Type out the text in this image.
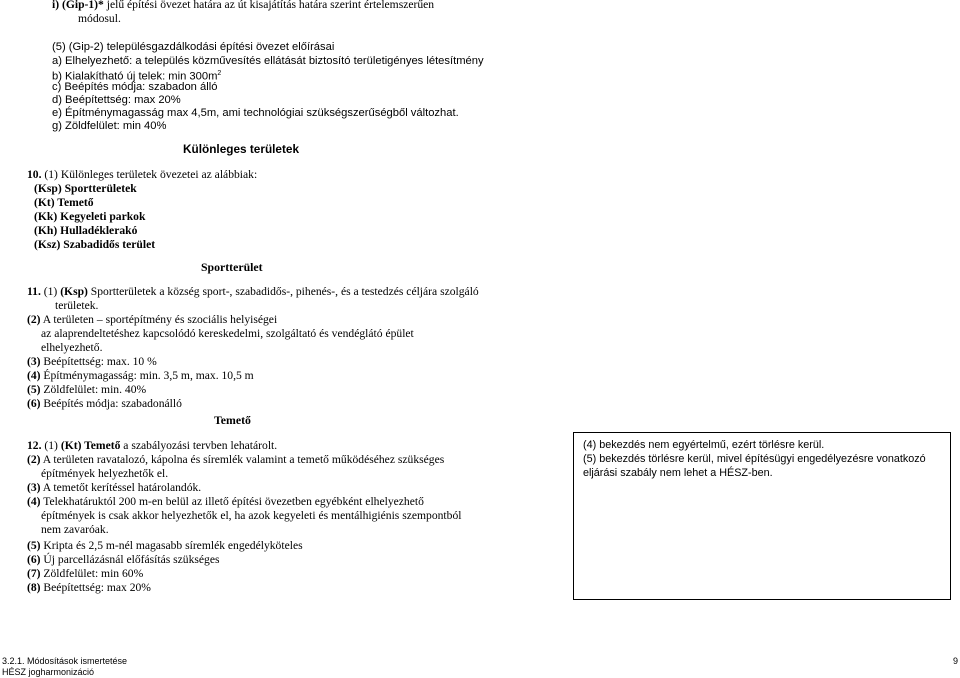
i) (Gip-1)* jelű építési övezet határa az út kisajátítás határa szerint értelemszerűen
módosul.
(5) (Gip-2) településgazdálkodási építési övezet előírásai
a) Elhelyezhető: a település közművesítés ellátását biztosító területigényes létesítmény
b) Kialakítható új telek: $\min 300m^2$
c) Beépítés módja: szabadon álló
d) Beépítettség: max 20%
e) Építménymagasság max 4,5m, ami technológiai szükségszerűségből változhat.
g) Zöldfelület: min 40%
Különleges területek
10. (1) Különleges területek övezetei az alábbiak:
(Ksp) Sportterületek
(Kt) Temető
(Kk) Kegyeleti parkok
(Kh) Hulladéklerakó
(Ksz) Szabadidős terület
Sportterület
11. (1) (Ksp) Sportterületek a község sport-, szabadidős-, pihenés-, és a testedzés céljára szolgáló
területek.
(2) A területen – sportépítmény és szociális helyiségei
az alaprendeltetéshez kapcsolódó kereskedelmi, szolgáltató és vendéglátó épület
elhelyezhető.
(3) Beépítettség: max. 10 %
(4) Építménymagasság: min. 3,5 m, max. 10,5 m
(5) Zöldfelület: min. 40%
(6) Beépítés módja: szabadonálló
Temető
12. (1) (Kt) Temető a szabályozási tervben lehatárolt.
(2) A területen ravatalozó, kápolna és síremlék valamint a temető működéséhez szükséges
építmények helyezhetők el.
(3) A temetőt kerítéssel határolandók.
(4) Telekhatáruktól 200 m-en belül az illető építési övezetben egyébként elhelyezhető
építmények is csak akkor helyezhetők el, ha azok kegyeleti és mentálhigiénis szempontból
nem zavaróak.
(5) Kripta és 2,5 m-nél magasabb síremlék engedélyköteles
(6) Új parcellázásnál előfásítás szükséges
(7) Zöldfelület: min 60%
(8) Beépítettség: max 20%
(4) bekezdés nem egyértelmű, ezért törlésre kerül.
(5) bekezdés törlésre kerül, mivel építésügyi engedélyezésre vonatkozó
eljárási szabály nem lehet a HÉSZ-ben.
3.2.1. Módosítások ismertetése
HÉSZ jogharmonizáció
9
